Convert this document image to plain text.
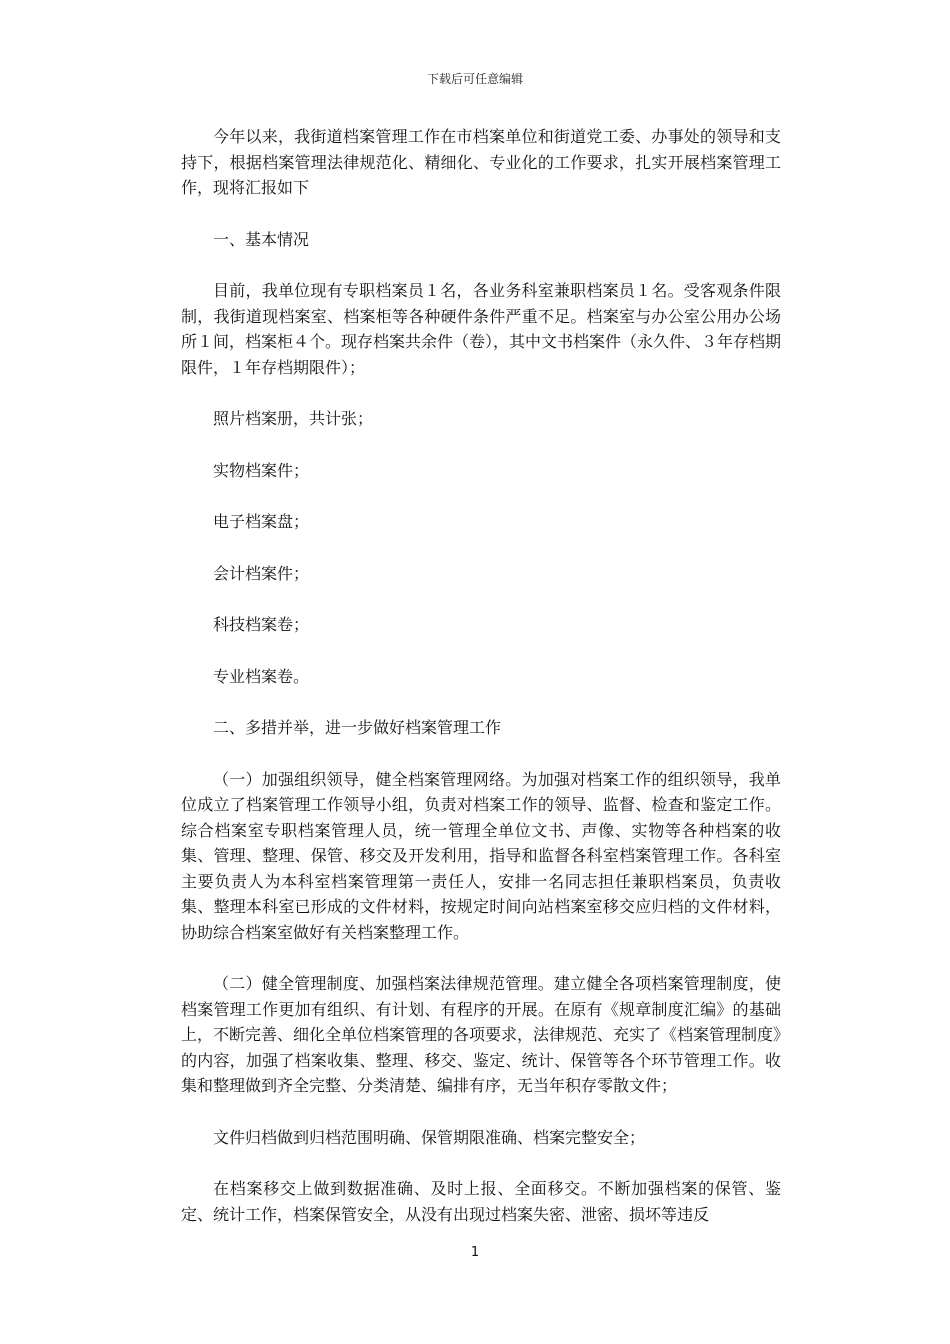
下载后可任意编辑

今年以来，我街道档案管理工作在市档案单位和街道党工委、办事处的领导和支持下，根据档案管理法律规范化、精细化、专业化的工作要求，扎实开展档案管理工作，现将汇报如下

一、基本情况

目前，我单位现有专职档案员１名，各业务科室兼职档案员１名。受客观条件限制，我街道现档案室、档案柜等各种硬件条件严重不足。档案室与办公室公用办公场所１间，档案柜４个。现存档案共余件（卷），其中文书档案件（永久件、３年存档期限件，１年存档期限件）；

照片档案册，共计张；

实物档案件；

电子档案盘；

会计档案件；

科技档案卷；

专业档案卷。

二、多措并举，进一步做好档案管理工作

（一）加强组织领导，健全档案管理网络。为加强对档案工作的组织领导，我单位成立了档案管理工作领导小组，负责对档案工作的领导、监督、检查和鉴定工作。综合档案室专职档案管理人员，统一管理全单位文书、声像、实物等各种档案的收集、管理、整理、保管、移交及开发利用，指导和监督各科室档案管理工作。各科室主要负责人为本科室档案管理第一责任人，安排一名同志担任兼职档案员，负责收集、整理本科室已形成的文件材料，按规定时间向站档案室移交应归档的文件材料，协助综合档案室做好有关档案整理工作。

（二）健全管理制度、加强档案法律规范管理。建立健全各项档案管理制度，使档案管理工作更加有组织、有计划、有程序的开展。在原有《规章制度汇编》的基础上，不断完善、细化全单位档案管理的各项要求，法律规范、充实了《档案管理制度》的内容，加强了档案收集、整理、移交、鉴定、统计、保管等各个环节管理工作。收集和整理做到齐全完整、分类清楚、编排有序，无当年积存零散文件；

文件归档做到归档范围明确、保管期限准确、档案完整安全；

在档案移交上做到数据准确、及时上报、全面移交。不断加强档案的保管、鉴定、统计工作，档案保管安全，从没有出现过档案失密、泄密、损坏等违反

1
